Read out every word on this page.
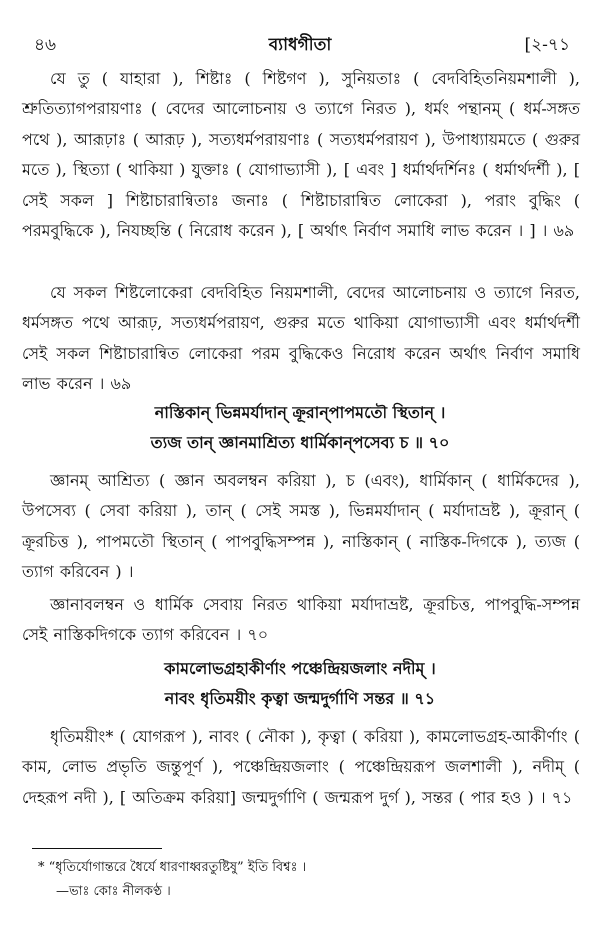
৪৬	ব্যাধগীতা	[২-৭১

যে তু ( যাহারা ), শিষ্টাঃ ( শিষ্টগণ ), সুনিয়তাঃ ( বেদবিহিতনিয়মশালী ), শ্রুতিত্যাগপরায়ণাঃ ( বেদের আলোচনায় ও ত্যাগে নিরত ), ধর্মং পন্থানম্ ( ধর্ম-সঙ্গত পথে ), আরূঢ়াঃ ( আরূঢ় ), সত্যধর্মপরায়ণাঃ ( সত্যধর্মপরায়ণ ), উপাধ্যায়মতে ( গুরুর মতে ), স্থিত্যা ( থাকিয়া ) যুক্তাঃ ( যোগাভ্যাসী ), [ এবং ] ধর্মার্থদর্শিনঃ ( ধর্মার্থদর্শী ), [ সেই সকল ] শিষ্টাচারান্বিতাঃ জনাঃ ( শিষ্টাচারান্বিত লোকেরা ), পরাং বুদ্ধিং ( পরমবুদ্ধিকে ), নিযচ্ছন্তি ( নিরোধ করেন ), [ অর্থাৎ নির্বাণ সমাধি লাভ করেন । ] । ৬৯

যে সকল শিষ্টলোকেরা বেদবিহিত নিয়মশালী, বেদের আলোচনায় ও ত্যাগে নিরত, ধর্মসঙ্গত পথে আরূঢ়, সত্যধর্মপরায়ণ, গুরুর মতে থাকিয়া যোগাভ্যাসী এবং ধর্মার্থদর্শী সেই সকল শিষ্টাচারান্বিত লোকেরা পরম বুদ্ধিকেও নিরোধ করেন অর্থাৎ নির্বাণ সমাধি লাভ করেন । ৬৯

নাস্তিকান্ ভিন্নমর্যাদান্ ক্রূরান্‌পাপমতৌ স্থিতান্ ।

ত্যজ তান্ জ্ঞানমাশ্রিত্য ধার্মিকান্‌পসেব্য চ ॥ ৭০

জ্ঞানম্ আশ্রিত্য ( জ্ঞান অবলম্বন করিয়া ), চ (এবং), ধার্মিকান্ ( ধার্মিকদের ), উপসেব্য ( সেবা করিয়া ), তান্ ( সেই সমস্ত ), ভিন্নমর্যাদান্ ( মর্যাদাভ্রষ্ট ), ক্রূরান্ ( ক্রূরচিত্ত ), পাপমতৌ স্থিতান্ ( পাপবুদ্ধিসম্পন্ন ), নাস্তিকান্ ( নাস্তিক-দিগকে ), ত্যজ ( ত্যাগ করিবেন ) ।

জ্ঞানাবলম্বন ও ধার্মিক সেবায় নিরত থাকিয়া মর্যাদাভ্রষ্ট, ক্রূরচিত্ত, পাপবুদ্ধি-সম্পন্ন সেই নাস্তিকদিগকে ত্যাগ করিবেন । ৭০

কামলোভগ্রহাকীর্ণাং পঞ্চেন্দ্রিয়জলাং নদীম্ ।

নাবং ধৃতিময়ীং কৃত্বা জন্মদুর্গাণি সন্তর ॥ ৭১

ধৃতিময়ীং* ( যোগরূপ ), নাবং ( নৌকা ), কৃত্বা ( করিয়া ), কামলোভগ্রহ-আকীর্ণাং ( কাম, লোভ প্রভৃতি জন্তুপূর্ণ ), পঞ্চেন্দ্রিয়জলাং ( পঞ্চেন্দ্রিয়রূপ জলশালী ), নদীম্ ( দেহরূপ নদী ), [ অতিক্রম করিয়া] জন্মদুর্গাণি ( জন্মরূপ দুর্গ ), সন্তর ( পার হও ) । ৭১

* “ধৃতির্যোগান্তরে ধৈর্যে ধারণাধ্বরতুষ্টিষু” ইতি বিশ্বঃ ।

—ভাঃ কোঃ নীলকণ্ঠ ।
